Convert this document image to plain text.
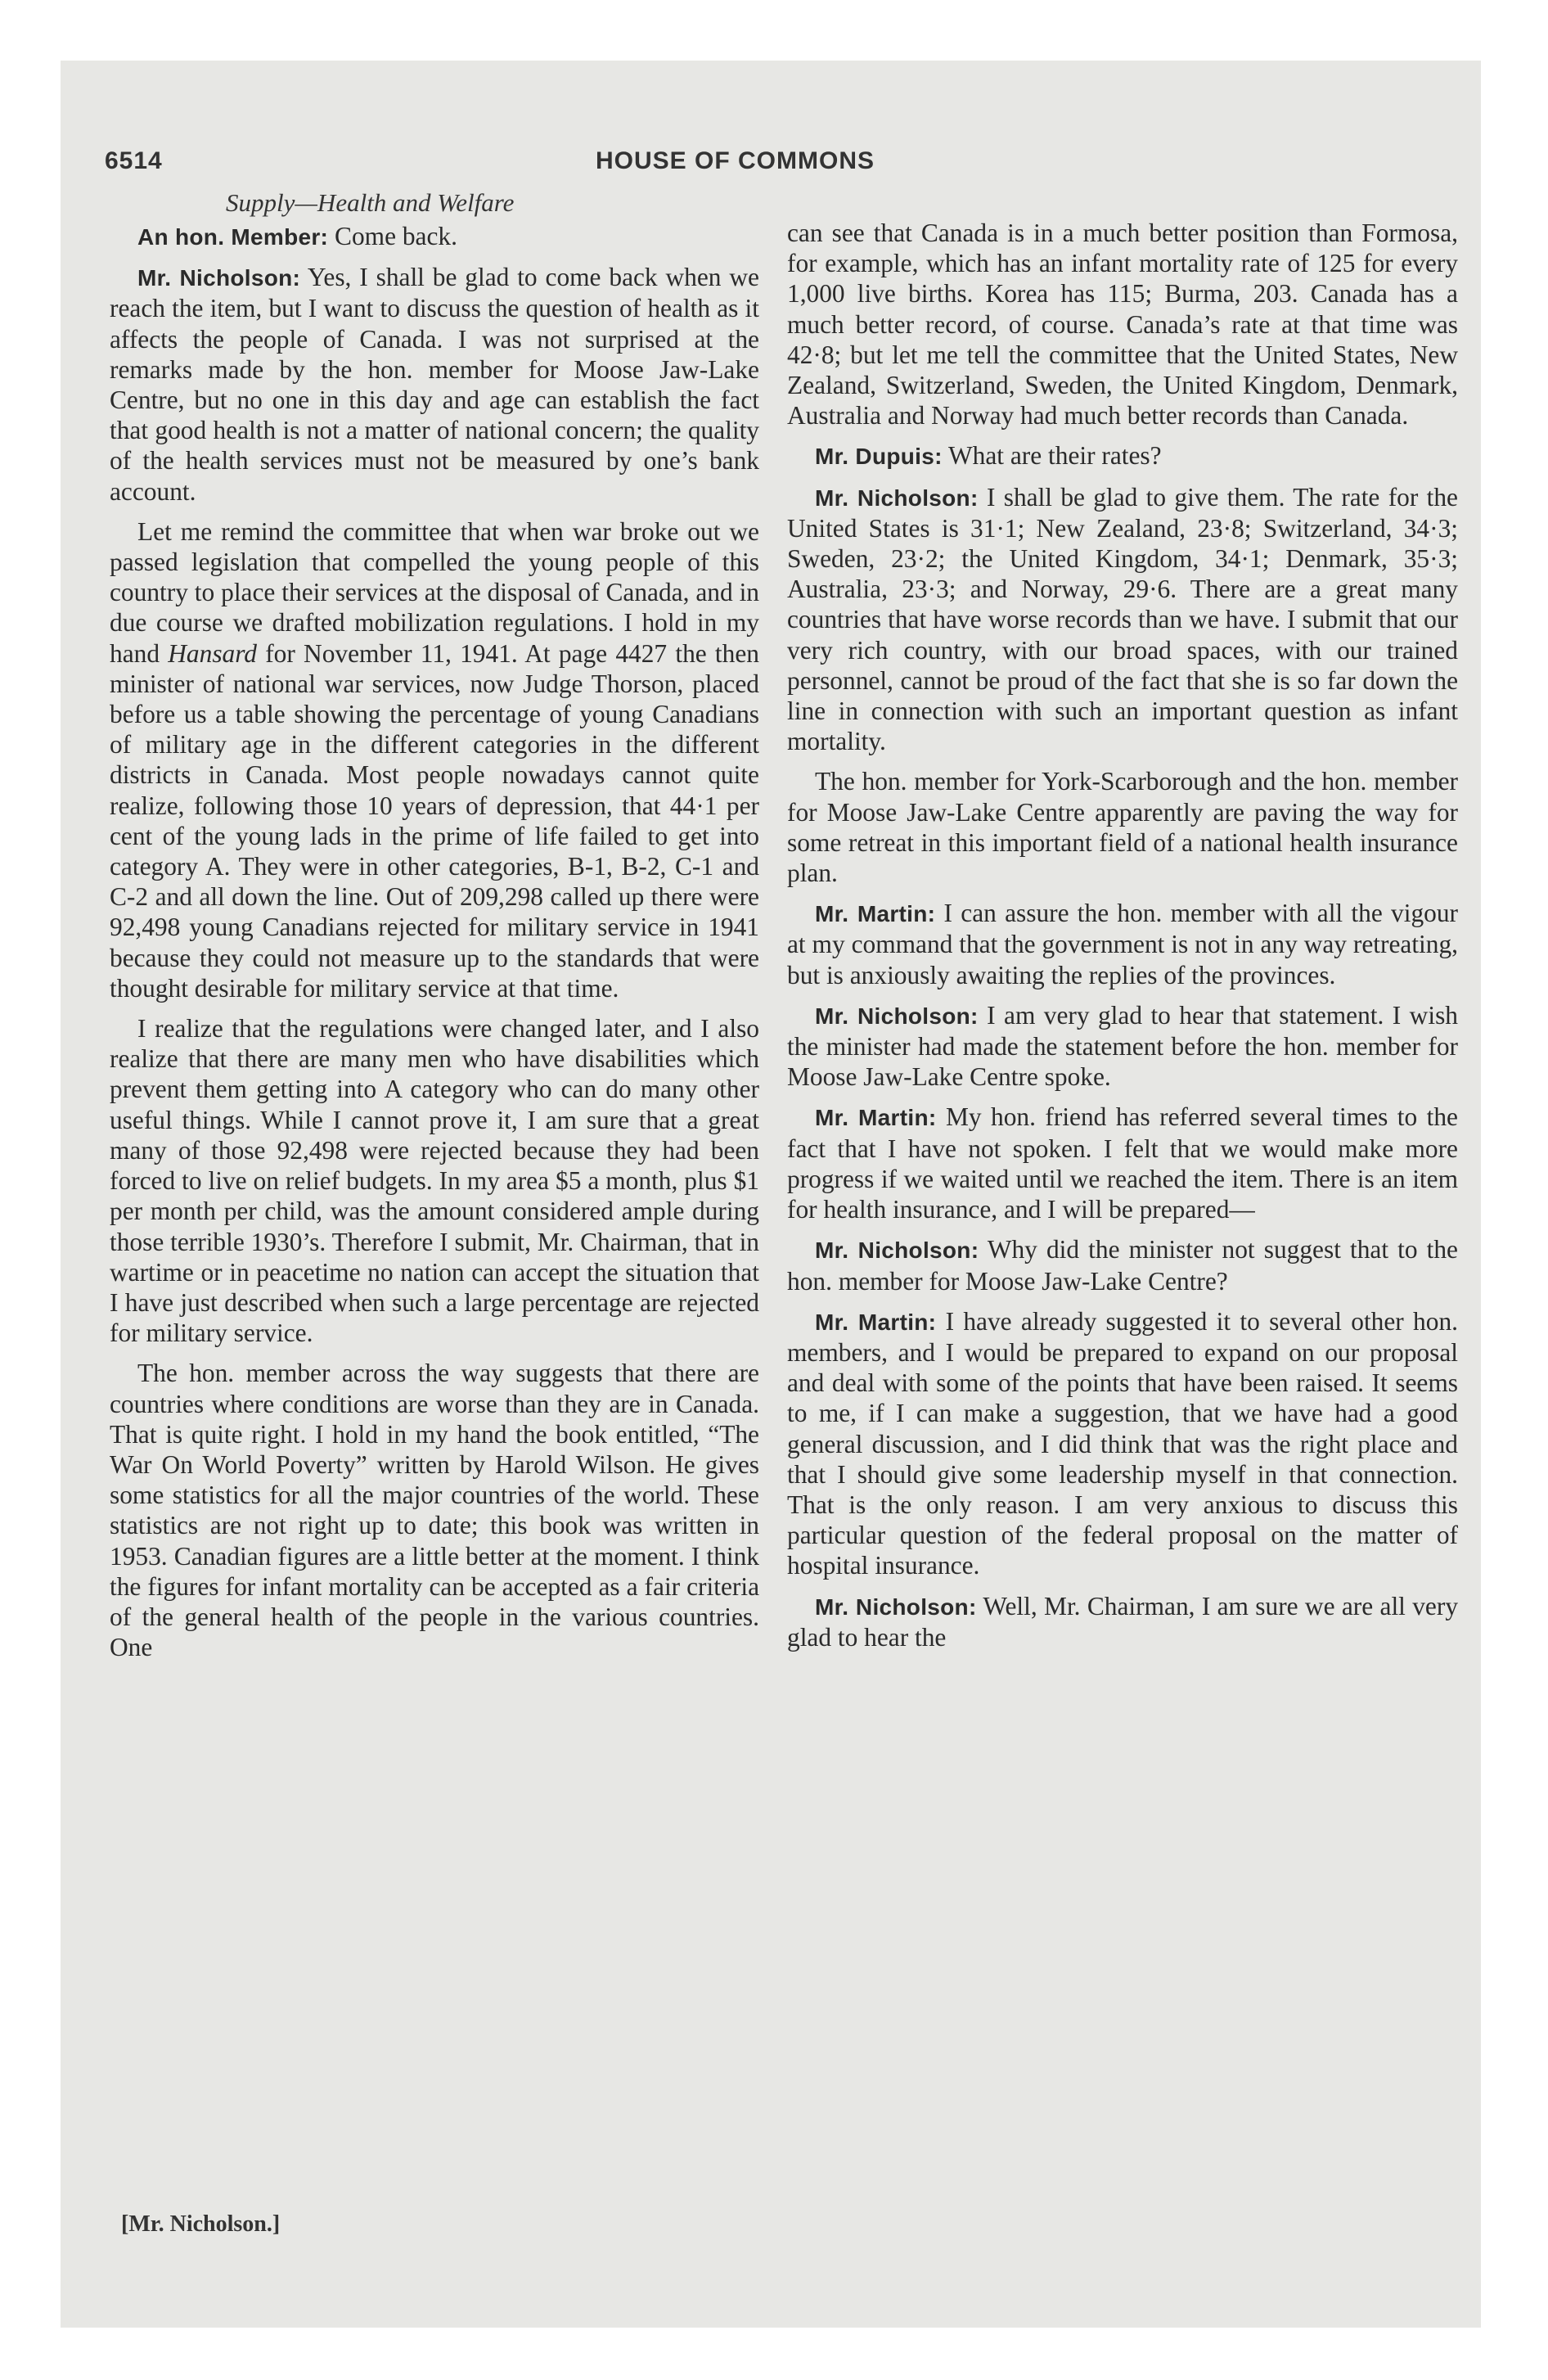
6514	HOUSE OF COMMONS
Supply—Health and Welfare

An hon. Member: Come back.

Mr. Nicholson: Yes, I shall be glad to come back when we reach the item, but I want to discuss the question of health as it affects the people of Canada. I was not surprised at the remarks made by the hon. member for Moose Jaw-Lake Centre, but no one in this day and age can establish the fact that good health is not a matter of national concern; the quality of the health services must not be measured by one’s bank account.

Let me remind the committee that when war broke out we passed legislation that compelled the young people of this country to place their services at the disposal of Canada, and in due course we drafted mobilization regulations. I hold in my hand Hansard for November 11, 1941. At page 4427 the then minister of national war services, now Judge Thorson, placed before us a table showing the percentage of young Canadians of military age in the different categories in the different districts in Canada. Most people nowadays cannot quite realize, following those 10 years of depression, that 44·1 per cent of the young lads in the prime of life failed to get into category A. They were in other categories, B-1, B-2, C-1 and C-2 and all down the line. Out of 209,298 called up there were 92,498 young Canadians rejected for military service in 1941 because they could not measure up to the standards that were thought desirable for military service at that time.

I realize that the regulations were changed later, and I also realize that there are many men who have disabilities which prevent them getting into A category who can do many other useful things. While I cannot prove it, I am sure that a great many of those 92,498 were rejected because they had been forced to live on relief budgets. In my area $5 a month, plus $1 per month per child, was the amount considered ample during those terrible 1930’s. Therefore I submit, Mr. Chairman, that in wartime or in peacetime no nation can accept the situation that I have just described when such a large percentage are rejected for military service.

The hon. member across the way suggests that there are countries where conditions are worse than they are in Canada. That is quite right. I hold in my hand the book entitled, “The War On World Poverty” written by Harold Wilson. He gives some statistics for all the major countries of the world. These statistics are not right up to date; this book was written in 1953. Canadian figures are a little better at the moment. I think the figures for infant mortality can be accepted as a fair criteria of the general health of the people in the various countries. One

can see that Canada is in a much better position than Formosa, for example, which has an infant mortality rate of 125 for every 1,000 live births. Korea has 115; Burma, 203. Canada has a much better record, of course. Canada’s rate at that time was 42·8; but let me tell the committee that the United States, New Zealand, Switzerland, Sweden, the United Kingdom, Denmark, Australia and Norway had much better records than Canada.

Mr. Dupuis: What are their rates?

Mr. Nicholson: I shall be glad to give them. The rate for the United States is 31·1; New Zealand, 23·8; Switzerland, 34·3; Sweden, 23·2; the United Kingdom, 34·1; Denmark, 35·3; Australia, 23·3; and Norway, 29·6. There are a great many countries that have worse records than we have. I submit that our very rich country, with our broad spaces, with our trained personnel, cannot be proud of the fact that she is so far down the line in connection with such an important question as infant mortality.

The hon. member for York-Scarborough and the hon. member for Moose Jaw-Lake Centre apparently are paving the way for some retreat in this important field of a national health insurance plan.

Mr. Martin: I can assure the hon. member with all the vigour at my command that the government is not in any way retreating, but is anxiously awaiting the replies of the provinces.

Mr. Nicholson: I am very glad to hear that statement. I wish the minister had made the statement before the hon. member for Moose Jaw-Lake Centre spoke.

Mr. Martin: My hon. friend has referred several times to the fact that I have not spoken. I felt that we would make more progress if we waited until we reached the item. There is an item for health insurance, and I will be prepared—

Mr. Nicholson: Why did the minister not suggest that to the hon. member for Moose Jaw-Lake Centre?

Mr. Martin: I have already suggested it to several other hon. members, and I would be prepared to expand on our proposal and deal with some of the points that have been raised. It seems to me, if I can make a suggestion, that we have had a good general discussion, and I did think that was the right place and that I should give some leadership myself in that connection. That is the only reason. I am very anxious to discuss this particular question of the federal proposal on the matter of hospital insurance.

Mr. Nicholson: Well, Mr. Chairman, I am sure we are all very glad to hear the

[Mr. Nicholson.]
